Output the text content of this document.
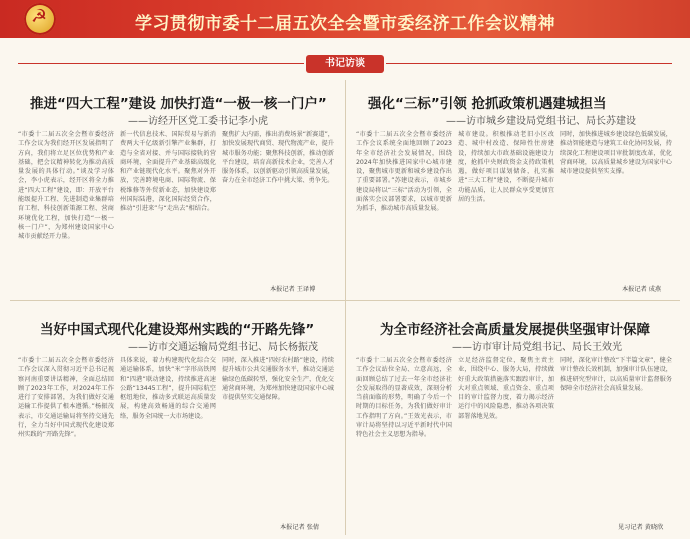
☭
学习贯彻市委十二届五次全会暨市委经济工作会议精神
书记访谈
推进“四大工程”建设 加快打造“一极一核一门户”
——访经开区党工委书记李小虎
“市委十二届五次全会暨市委经济工作会议为我们经开区发展指明了方向，我们将立足区位优势和产业基础，把会议精神转化为推动高质量发展的具体行动。”谈及学习体会，李小虎表示，经开区将全力推进“四大工程”建设，即：开放平台能级提升工程、先进制造业集群培育工程、科技创新策源工程、营商环境优化工程，加快打造“一极一核一门户”，为郑州建设国家中心城市贡献经开力量。
新一代信息技术、国际贸易与新消费两大千亿级新引擎产业集群，打造与全省对接、并与国际接轨的营商环境，全面提升产业基础高级化和产业链现代化水平。聚焦对外开放，完善跨境电商、国际物流、保税维修等外贸新业态，加快建设郑州国际陆港，深化国际经贸合作，推动“引进来”与“走出去”相结合。
聚焦扩大内需，推出消费场景“新赛道”，加快发展现代商贸、现代物流产业，提升城市服务功能；聚焦科技创新，推动创新平台建设，培育高新技术企业，完善人才服务体系，以创新驱动引领高质量发展，奋力在全市经济工作中挑大梁、勇争先。
本报记者 王译博
强化“三标”引领 抢抓政策机遇建城担当
——访市城乡建设局党组书记、局长苏建设
“市委十二届五次全会暨市委经济工作会议系统全面地回顾了2023年全市经济社会发展情况，围绕2024年加快推进国家中心城市建设，聚焦城市更新和城乡建设作出了重要部署。”苏建设表示，市城乡建设局将以“三标”活动为引领，全面落实会议部署要求，以城市更新为抓手，推动城市高质量发展。
城市建设。积极推动老旧小区改造、城中村改造、保障性住房建设，持续加大市政基础设施建设力度，抢抓中央财政资金支持政策机遇，做好项目谋划储备，扎实推进“三大工程”建设，不断提升城市功能品质，让人民群众享受更加宜居的生活。
同时，加快推进城乡建设绿色低碳发展，推动智能建造与建筑工业化协同发展，持续深化工程建设项目审批制度改革，优化营商环境，以高质量城乡建设为国家中心城市建设提供坚实支撑。
本报记者 成燕
当好中国式现代化建设郑州实践的“开路先锋”
——访市交通运输局党组书记、局长杨振茂
“市委十二届五次全会暨市委经济工作会议深入贯彻习近平总书记视察河南重要讲话精神，全面总结回顾了2023年工作，对2024年工作进行了安排部署，为我们做好交通运输工作提供了根本遵循。”杨振茂表示，市交通运输局将坚持交通先行，全力当好中国式现代化建设郑州实践的“开路先锋”。
具体来说，着力构建现代化综合交通运输体系，加快“米”字形高铁网和“四港”联动建设，持续推进高速公路“13445工程”，提升国际航空枢纽地位，推动多式联运高质量发展，构建高效畅通的综合交通网络，服务全国统一大市场建设。
同时，深入推进“四好农村路”建设，持续提升城市公共交通服务水平，推动交通运输绿色低碳转型，强化安全生产，优化交通营商环境，为郑州加快建设国家中心城市提供坚实交通保障。
本报记者 张倩
为全市经济社会高质量发展提供坚强审计保障
——访市审计局党组书记、局长王效光
“市委十二届五次全会暨市委经济工作会议站位全局、立意高远，全面回顾总结了过去一年全市经济社会发展取得的显著成效，深刻分析当前面临的形势，明确了今后一个时期的目标任务，为我们做好审计工作指明了方向。”王效光表示，市审计局将坚持以习近平新时代中国特色社会主义思想为指导。
立足经济监督定位，聚焦主责主业，围绕中心、服务大局，持续做好重大政策措施落实跟踪审计，加大对重点领域、重点资金、重点项目的审计监督力度，着力揭示经济运行中的风险隐患，推动各项决策部署落地见效。
同时，深化审计整改“下半篇文章”，健全审计整改长效机制，加强审计队伍建设，推进研究型审计，以高质量审计监督服务保障全市经济社会高质量发展。
见习记者 黄晓欣
